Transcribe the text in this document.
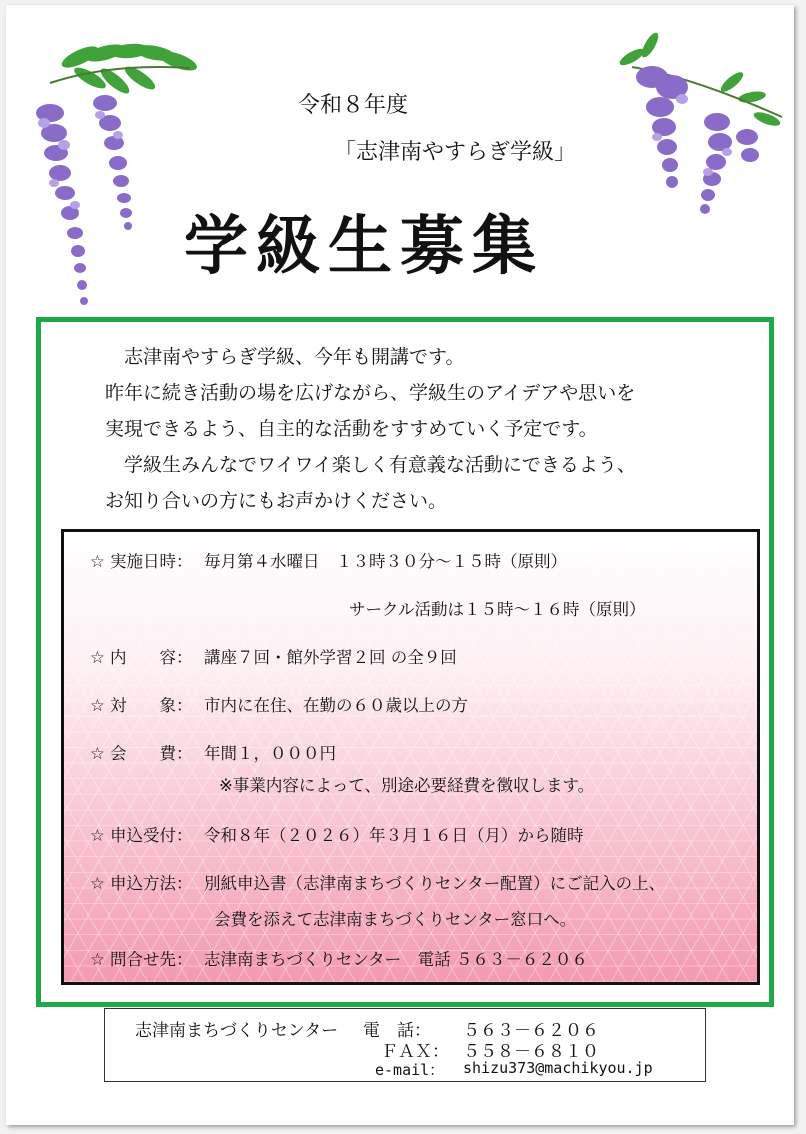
令和８年度
「志津南やすらぎ学級」
学級生募集
　志津南やすらぎ学級、今年も開講です。
昨年に続き活動の場を広げながら、学級生のアイデアや思いを
実現できるよう、自主的な活動をすすめていく予定です。
　学級生みんなでワイワイ楽しく有意義な活動にできるよう、
お知り合いの方にもお声かけください。
☆ 実施日時： 毎月第４水曜日　１３時３０分～１５時（原則）
サークル活動は１５時～１６時（原則）
☆ 内　　容： 講座７回・館外学習２回 の全９回
☆ 対　　象： 市内に在住、在勤の６０歳以上の方
☆ 会　　費： 年間１，０００円
※事業内容によって、別途必要経費を徴収します。
☆ 申込受付： 令和８年（２０２６）年３月１６日（月）から随時
☆ 申込方法： 別紙申込書（志津南まちづくりセンター配置）にご記入の上、
会費を添えて志津南まちづくりセンター窓口へ。
☆ 問合せ先： 志津南まちづくりセンター　電話 ５６３－６２０６
志津南まちづくりセンター 電　話： ５６３－６２０６
ＦＡＸ： ５５８－６８１０
e-mail： shizu373@machikyou.jp
